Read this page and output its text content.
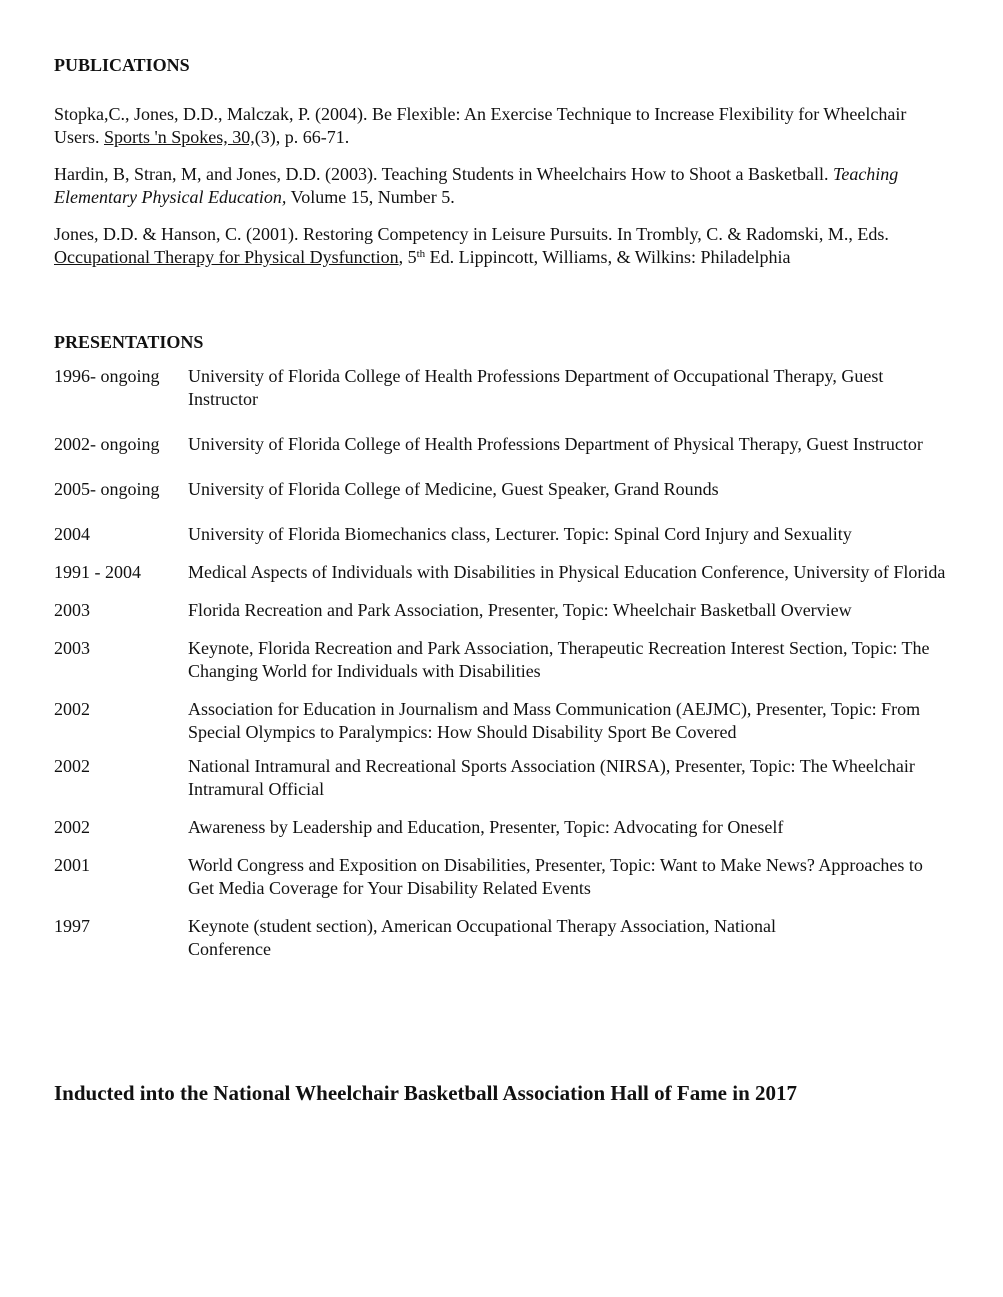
PUBLICATIONS

Stopka,C., Jones, D.D., Malczak, P. (2004). Be Flexible: An Exercise Technique to Increase Flexibility for Wheelchair Users. Sports 'n Spokes, 30,(3), p. 66-71.

Hardin, B, Stran, M, and Jones, D.D. (2003). Teaching Students in Wheelchairs How to Shoot a Basketball. Teaching Elementary Physical Education, Volume 15, Number 5.

Jones, D.D. & Hanson, C. (2001). Restoring Competency in Leisure Pursuits. In Trombly, C. & Radomski, M., Eds. Occupational Therapy for Physical Dysfunction, 5th Ed. Lippincott, Williams, & Wilkins: Philadelphia

PRESENTATIONS
1996- ongoing	University of Florida College of Health Professions Department of Occupational Therapy, Guest Instructor
2002- ongoing	University of Florida College of Health Professions Department of Physical Therapy, Guest Instructor
2005- ongoing	University of Florida College of Medicine, Guest Speaker, Grand Rounds
2004	University of Florida Biomechanics class, Lecturer. Topic: Spinal Cord Injury and Sexuality
1991 - 2004	Medical Aspects of Individuals with Disabilities in Physical Education Conference, University of Florida
2003	Florida Recreation and Park Association, Presenter, Topic: Wheelchair Basketball Overview
2003	Keynote, Florida Recreation and Park Association, Therapeutic Recreation Interest Section, Topic: The Changing World for Individuals with Disabilities
2002	Association for Education in Journalism and Mass Communication (AEJMC), Presenter, Topic: From Special Olympics to Paralympics: How Should Disability Sport Be Covered
2002	National Intramural and Recreational Sports Association (NIRSA), Presenter, Topic: The Wheelchair Intramural Official
2002	Awareness by Leadership and Education, Presenter, Topic: Advocating for Oneself
2001	World Congress and Exposition on Disabilities, Presenter, Topic: Want to Make News? Approaches to Get Media Coverage for Your Disability Related Events
1997	Keynote (student section), American Occupational Therapy Association, National Conference

Inducted into the National Wheelchair Basketball Association Hall of Fame in 2017
